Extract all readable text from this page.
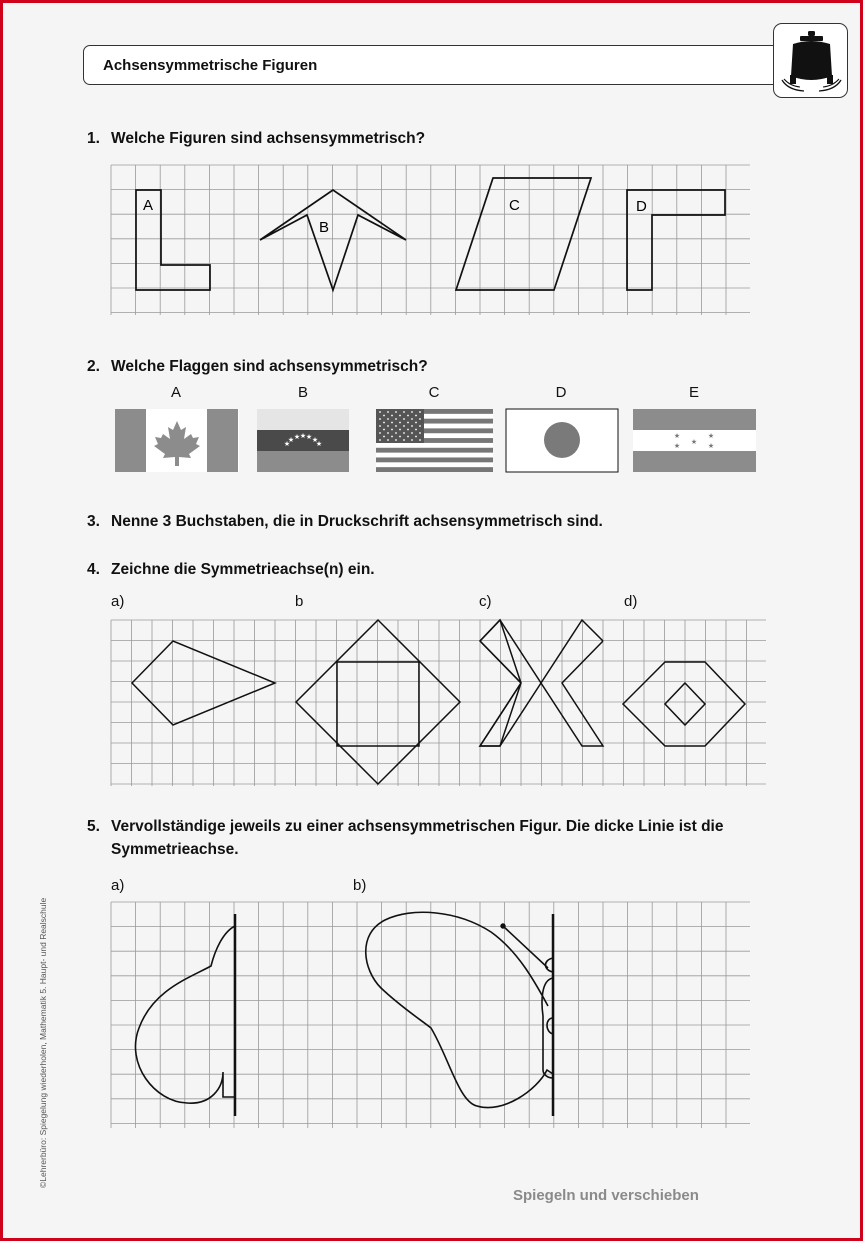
Achsensymmetrische Figuren
1. Welche Figuren sind achsensymmetrisch?
A
B
C	D
2. Welche Flaggen sind achsensymmetrisch?
A	B	C	D	E
★
★ ★ ★ ★ ★
★
★
★ ★
★
★
3. Nenne 3 Buchstaben, die in Druckschrift achsensymmetrisch sind.
4. Zeichne die Symmetrieachse(n) ein.
a)	b	c)	d)
5. Vervollständige jeweils zu einer achsensymmetrischen Figur. Die dicke Linie ist die
Symmetrieachse.
a)	b)
©Lehrerbüro: Spiegelung wiederholen, Mathematik 5. Haupt- und Realschule
Spiegeln und verschieben
